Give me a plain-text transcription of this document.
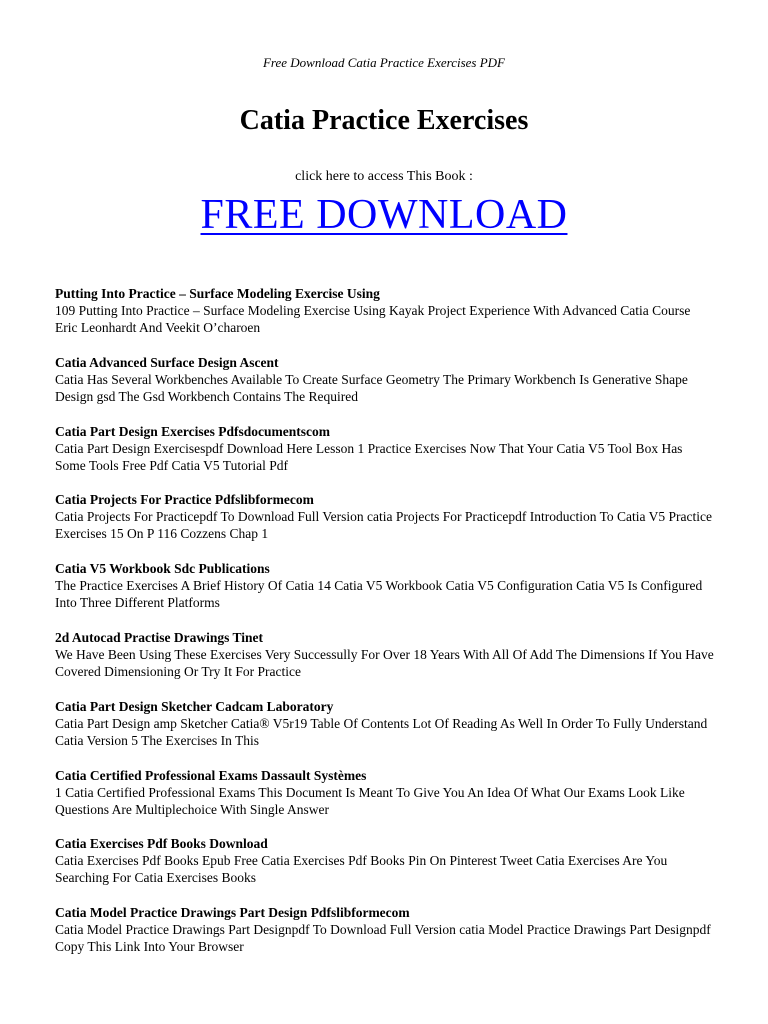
Free Download Catia Practice Exercises PDF
Catia Practice Exercises
click here to access This Book :
FREE DOWNLOAD
Putting Into Practice – Surface Modeling Exercise Using
109 Putting Into Practice – Surface Modeling Exercise Using Kayak Project Experience With Advanced Catia Course Eric Leonhardt And Veekit O’charoen
Catia Advanced Surface Design Ascent
Catia Has Several Workbenches Available To Create Surface Geometry The Primary Workbench Is Generative Shape Design gsd The Gsd Workbench Contains The Required
Catia Part Design Exercises Pdfsdocumentscom
Catia Part Design Exercisespdf Download Here Lesson 1 Practice Exercises Now That Your Catia V5 Tool Box Has Some Tools Free Pdf Catia V5 Tutorial Pdf
Catia Projects For Practice Pdfslibformecom
Catia Projects For Practicepdf To Download Full Version catia Projects For Practicepdf Introduction To Catia V5 Practice Exercises 15 On P 116 Cozzens Chap 1
Catia V5 Workbook Sdc Publications
The Practice Exercises A Brief History Of Catia 14 Catia V5 Workbook Catia V5 Configuration Catia V5 Is Configured Into Three Different Platforms
2d Autocad Practise Drawings Tinet
We Have Been Using These Exercises Very Successully For Over 18 Years With All Of Add The Dimensions If You Have Covered Dimensioning Or Try It For Practice
Catia Part Design Sketcher Cadcam Laboratory
Catia Part Design amp Sketcher Catia® V5r19 Table Of Contents Lot Of Reading As Well In Order To Fully Understand Catia Version 5 The Exercises In This
Catia Certified Professional Exams Dassault Systèmes
1 Catia Certified Professional Exams This Document Is Meant To Give You An Idea Of What Our Exams Look Like Questions Are Multiplechoice With Single Answer
Catia Exercises Pdf Books Download
Catia Exercises Pdf Books Epub Free Catia Exercises Pdf Books Pin On Pinterest Tweet Catia Exercises Are You Searching For Catia Exercises Books
Catia Model Practice Drawings Part Design Pdfslibformecom
Catia Model Practice Drawings Part Designpdf To Download Full Version catia Model Practice Drawings Part Designpdf Copy This Link Into Your Browser
